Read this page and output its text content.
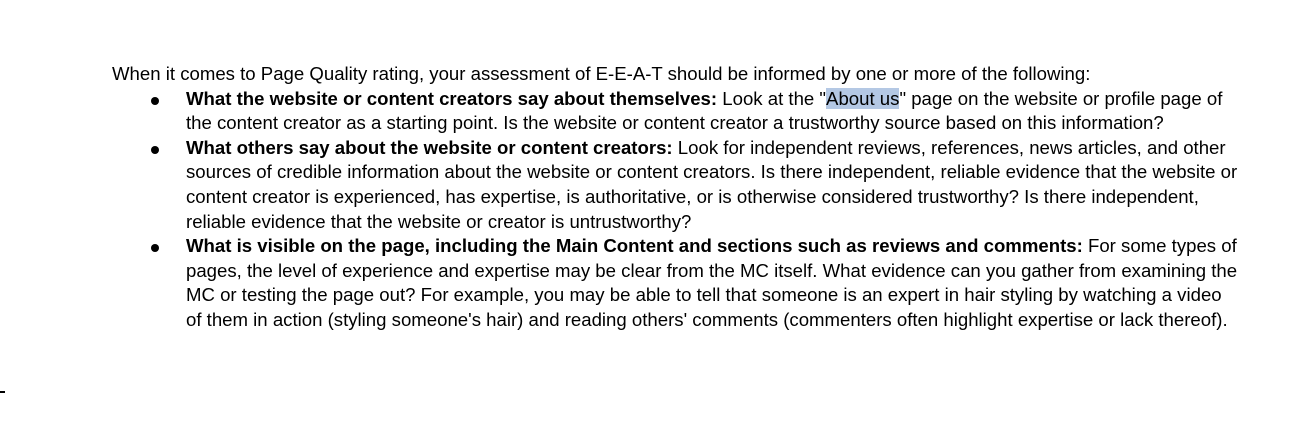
When it comes to Page Quality rating, your assessment of E-E-A-T should be informed by one or more of the following:

What the website or content creators say about themselves: Look at the "About us" page on the website or profile page of the content creator as a starting point. Is the website or content creator a trustworthy source based on this information?
What others say about the website or content creators: Look for independent reviews, references, news articles, and other sources of credible information about the website or content creators. Is there independent, reliable evidence that the website or content creator is experienced, has expertise, is authoritative, or is otherwise considered trustworthy? Is there independent, reliable evidence that the website or creator is untrustworthy?
What is visible on the page, including the Main Content and sections such as reviews and comments: For some types of pages, the level of experience and expertise may be clear from the MC itself. What evidence can you gather from examining the MC or testing the page out? For example, you may be able to tell that someone is an expert in hair styling by watching a video of them in action (styling someone's hair) and reading others' comments (commenters often highlight expertise or lack thereof).
